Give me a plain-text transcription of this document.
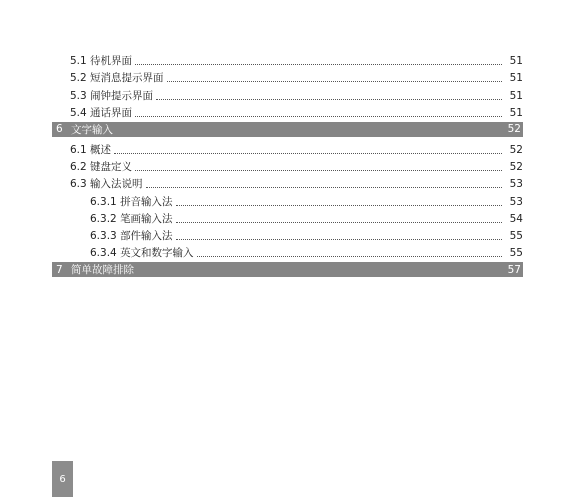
5.1 待机界面	51
5.2 短消息提示界面	51
5.3 闹钟提示界面	51
5.4 通话界面	51
6 文字输入	52
6.1 概述	52
6.2 键盘定义	52
6.3 输入法说明	53
6.3.1 拼音输入法	53
6.3.2 笔画输入法	54
6.3.3 部件输入法	55
6.3.4 英文和数字输入	55
7 简单故障排除	57
6
